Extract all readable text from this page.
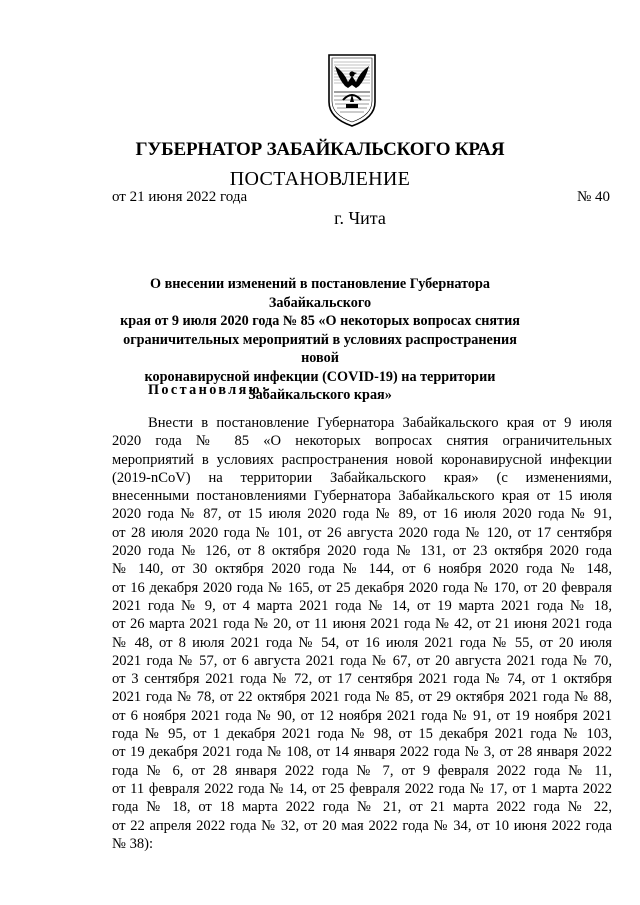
ГУБЕРНАТОР ЗАБАЙКАЛЬСКОГО КРАЯ
ПОСТАНОВЛЕНИЕ
от 21 июня 2022 года	№ 40
г. Чита
О внесении изменений в постановление Губернатора Забайкальского
края от 9 июля 2020 года № 85 «О некоторых вопросах снятия
ограничительных мероприятий в условиях распространения новой
коронавирусной инфекции (COVID-19) на территории
Забайкальского края»
Постановляю:
Внести в постановление Губернатора Забайкальского края от 9 июля
2020 года № 85 «О некоторых вопросах снятия ограничительных
мероприятий в условиях распространения новой коронавирусной инфекции
(2019-nCoV) на территории Забайкальского края» (с изменениями,
внесенными постановлениями Губернатора Забайкальского края от 15 июля
2020 года № 87, от 15 июля 2020 года № 89, от 16 июля 2020 года № 91,
от 28 июля 2020 года № 101, от 26 августа 2020 года № 120, от 17 сентября
2020 года № 126, от 8 октября 2020 года № 131, от 23 октября 2020 года
№ 140, от 30 октября 2020 года № 144, от 6 ноября 2020 года № 148,
от 16 декабря 2020 года № 165, от 25 декабря 2020 года № 170, от 20 февраля
2021 года № 9, от 4 марта 2021 года № 14, от 19 марта 2021 года № 18,
от 26 марта 2021 года № 20, от 11 июня 2021 года № 42, от 21 июня 2021 года
№ 48, от 8 июля 2021 года № 54, от 16 июля 2021 года № 55, от 20 июля
2021 года № 57, от 6 августа 2021 года № 67, от 20 августа 2021 года № 70,
от 3 сентября 2021 года № 72, от 17 сентября 2021 года № 74, от 1 октября
2021 года № 78, от 22 октября 2021 года № 85, от 29 октября 2021 года № 88,
от 6 ноября 2021 года № 90, от 12 ноября 2021 года № 91, от 19 ноября 2021
года № 95, от 1 декабря 2021 года № 98, от 15 декабря 2021 года № 103,
от 19 декабря 2021 года № 108, от 14 января 2022 года № 3, от 28 января 2022
года № 6, от 28 января 2022 года № 7, от 9 февраля 2022 года № 11,
от 11 февраля 2022 года № 14, от 25 февраля 2022 года № 17, от 1 марта 2022
года № 18, от 18 марта 2022 года № 21, от 21 марта 2022 года № 22,
от 22 апреля 2022 года № 32, от 20 мая 2022 года № 34, от 10 июня 2022 года
№ 38):
